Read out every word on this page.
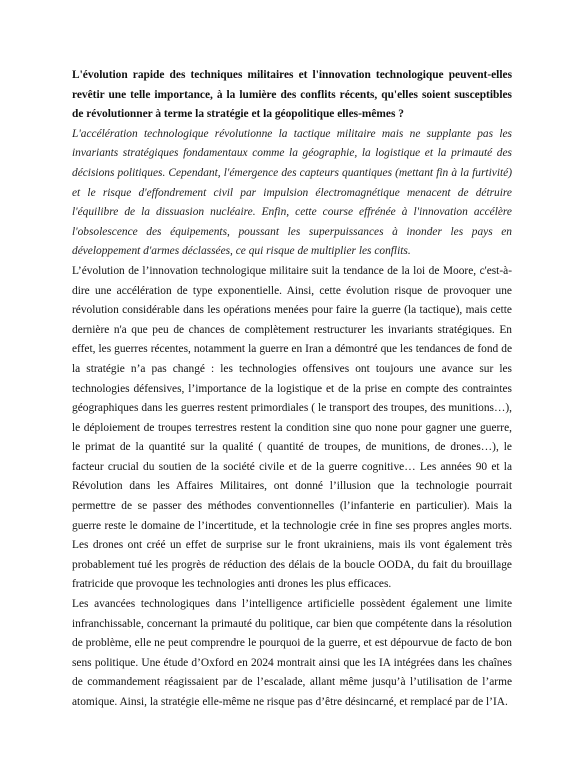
L'évolution rapide des techniques militaires et l'innovation technologique peuvent-elles revêtir une telle importance, à la lumière des conflits récents, qu'elles soient susceptibles de révolutionner à terme la stratégie et la géopolitique elles-mêmes ?

L'accélération technologique révolutionne la tactique militaire mais ne supplante pas les invariants stratégiques fondamentaux comme la géographie, la logistique et la primauté des décisions politiques. Cependant, l'émergence des capteurs quantiques (mettant fin à la furtivité) et le risque d'effondrement civil par impulsion électromagnétique menacent de détruire l'équilibre de la dissuasion nucléaire. Enfin, cette course effrénée à l'innovation accélère l'obsolescence des équipements, poussant les superpuissances à inonder les pays en développement d'armes déclassées, ce qui risque de multiplier les conflits.

L’évolution de l’innovation technologique militaire suit la tendance de la loi de Moore, c'est-à-dire une accélération de type exponentielle. Ainsi, cette évolution risque de provoquer une révolution considérable dans les opérations menées pour faire la guerre (la tactique), mais cette dernière n'a que peu de chances de complètement restructurer les invariants stratégiques. En effet, les guerres récentes, notamment la guerre en Iran a démontré que les tendances de fond de la stratégie n’a pas changé : les technologies offensives ont toujours une avance sur les technologies défensives, l’importance de la logistique et de la prise en compte des contraintes géographiques dans les guerres restent primordiales ( le transport des troupes, des munitions…), le déploiement de troupes terrestres restent la condition sine quo none pour gagner une guerre, le primat de la quantité sur la qualité ( quantité de troupes, de munitions, de drones…), le facteur crucial du soutien de la société civile et de la guerre cognitive… Les années 90 et la Révolution dans les Affaires Militaires, ont donné l’illusion que la technologie pourrait permettre de se passer des méthodes conventionnelles (l’infanterie en particulier). Mais la guerre reste le domaine de l’incertitude, et la technologie crée in fine ses propres angles morts. Les drones ont créé un effet de surprise sur le front ukrainiens, mais ils vont également très probablement tué les progrès de réduction des délais de la boucle OODA, du fait du brouillage fratricide que provoque les technologies anti drones les plus efficaces.

Les avancées technologiques dans l’intelligence artificielle possèdent également une limite infranchissable, concernant la primauté du politique, car bien que compétente dans la résolution de problème, elle ne peut comprendre le pourquoi de la guerre, et est dépourvue de facto de bon sens politique. Une étude d’Oxford en 2024 montrait ainsi que les IA intégrées dans les chaînes de commandement réagissaient par de l’escalade, allant même jusqu’à l’utilisation de l’arme atomique. Ainsi, la stratégie elle-même ne risque pas d’être désincarné, et remplacé par de l’IA.
